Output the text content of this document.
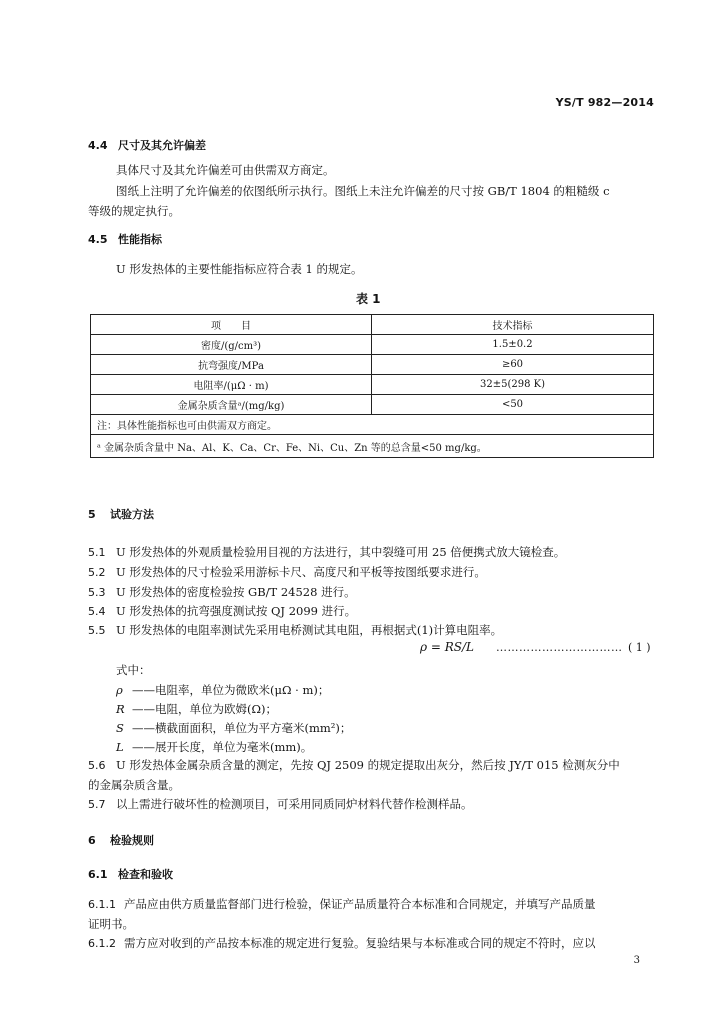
YS/T 982—2014
4.4 尺寸及其允许偏差
具体尺寸及其允许偏差可由供需双方商定。
图纸上注明了允许偏差的依图纸所示执行。图纸上未注允许偏差的尺寸按 GB/T 1804 的粗糙级 c
等级的规定执行。
4.5 性能指标
U 形发热体的主要性能指标应符合表 1 的规定。
表 1
项　　目	技术指标
密度/(g/cm³)	1.5±0.2
抗弯强度/MPa	≥60
电阻率/(μΩ · m)	32±5(298 K)
金属杂质含量ᵃ/(mg/kg)	<50
注：具体性能指标也可由供需双方商定。	
ᵃ 金属杂质含量中 Na、Al、K、Ca、Cr、Fe、Ni、Cu、Zn 等的总含量<50 mg/kg。	
5 试验方法
5.1 U 形发热体的外观质量检验用目视的方法进行，其中裂缝可用 25 倍便携式放大镜检查。
5.2 U 形发热体的尺寸检验采用游标卡尺、高度尺和平板等按图纸要求进行。
5.3 U 形发热体的密度检验按 GB/T 24528 进行。
5.4 U 形发热体的抗弯强度测试按 QJ 2099 进行。
5.5 U 形发热体的电阻率测试先采用电桥测试其电阻，再根据式(1)计算电阻率。
ρ = RS/L …………………………… ( 1 )
式中：
ρ ——电阻率，单位为微欧米(μΩ · m)；
R ——电阻，单位为欧姆(Ω)；
S ——横截面面积，单位为平方毫米(mm²)；
L ——展开长度，单位为毫米(mm)。
5.6 U 形发热体金属杂质含量的测定，先按 QJ 2509 的规定提取出灰分，然后按 JY/T 015 检测灰分中
的金属杂质含量。
5.7 以上需进行破坏性的检测项目，可采用同质同炉材料代替作检测样品。
6 检验规则
6.1 检查和验收
6.1.1 产品应由供方质量监督部门进行检验，保证产品质量符合本标准和合同规定，并填写产品质量
证明书。
6.1.2 需方应对收到的产品按本标准的规定进行复验。复验结果与本标准或合同的规定不符时，应以
3
